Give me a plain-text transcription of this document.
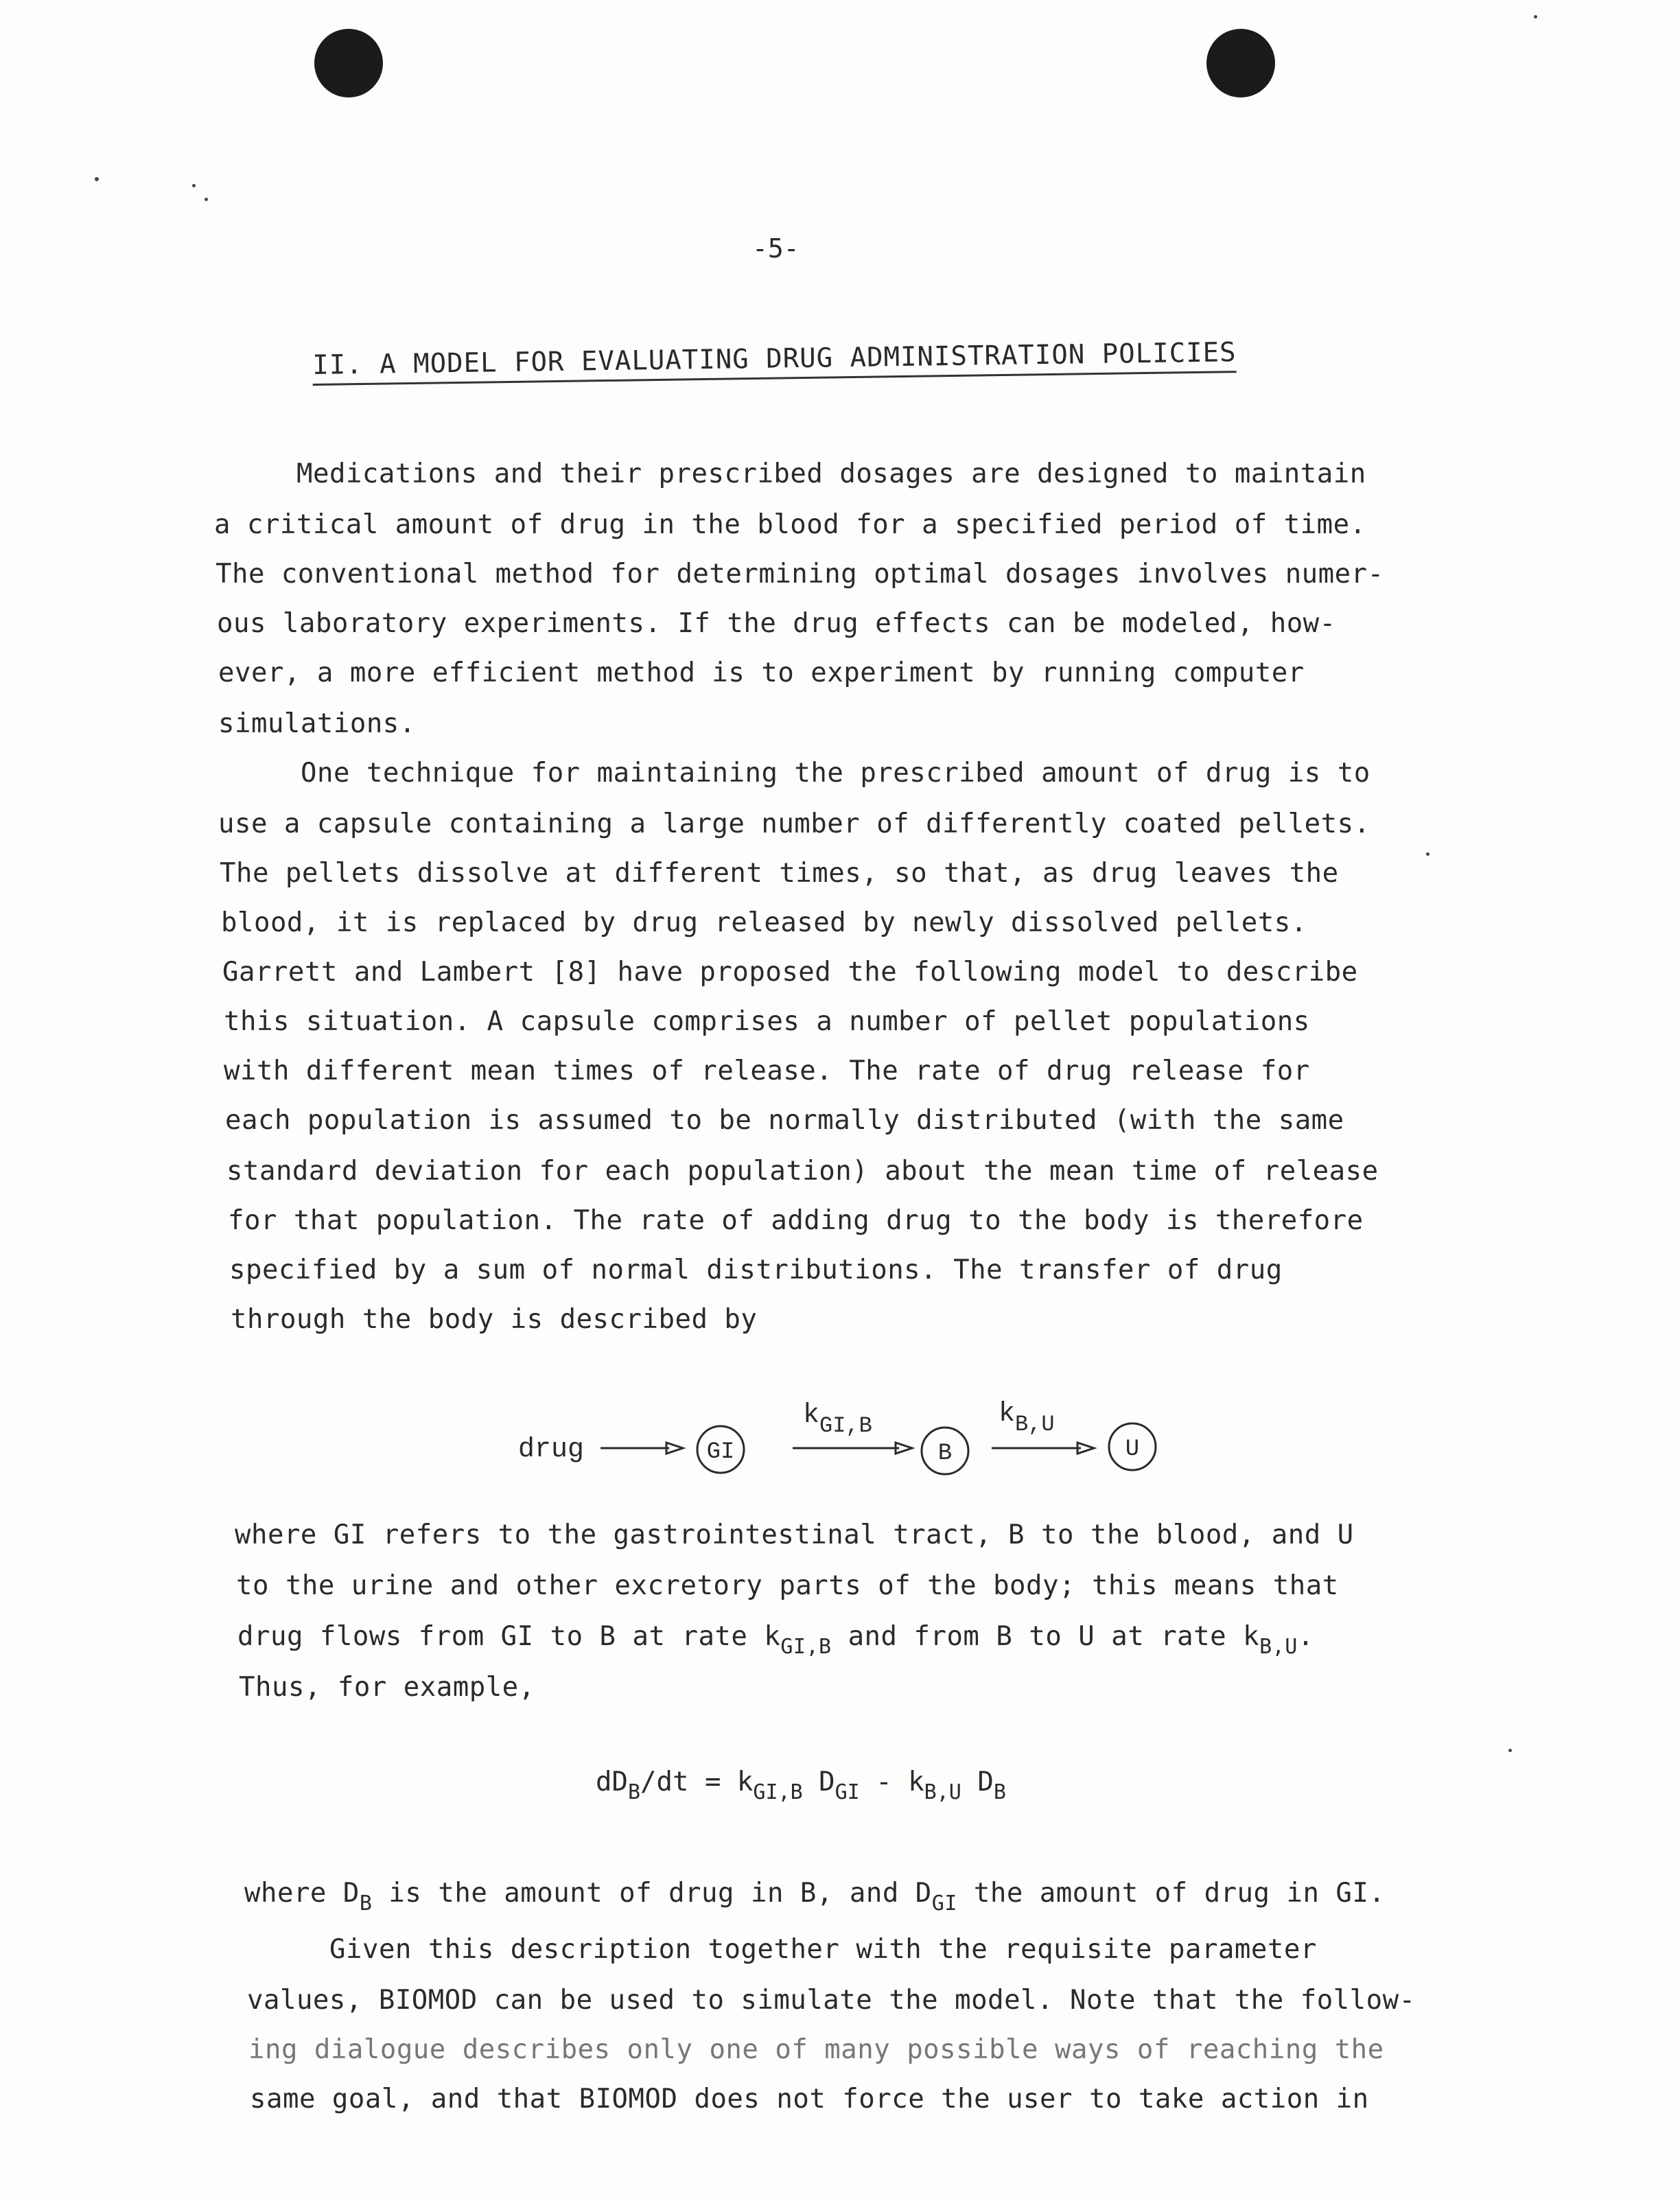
-5-
II. A MODEL FOR EVALUATING DRUG ADMINISTRATION POLICIES
Medications and their prescribed dosages are designed to maintain
a critical amount of drug in the blood for a specified period of time.
The conventional method for determining optimal dosages involves numer-
ous laboratory experiments. If the drug effects can be modeled, how-
ever, a more efficient method is to experiment by running computer
simulations.
One technique for maintaining the prescribed amount of drug is to
use a capsule containing a large number of differently coated pellets.
The pellets dissolve at different times, so that, as drug leaves the
blood, it is replaced by drug released by newly dissolved pellets.
Garrett and Lambert [8] have proposed the following model to describe
this situation. A capsule comprises a number of pellet populations
with different mean times of release. The rate of drug release for
each population is assumed to be normally distributed (with the same
standard deviation for each population) about the mean time of release
for that population. The rate of adding drug to the body is therefore
specified by a sum of normal distributions. The transfer of drug
through the body is described by
drug	GI
$k_{GI,B}$
B
$k_{B,U}$
U
where GI refers to the gastrointestinal tract, B to the blood, and U
to the urine and other excretory parts of the body; this means that
drug flows from GI to B at rate $k_{GI,B}$ and from B to U at rate $k_{B,U}$.
Thus, for example,
$dD_B/dt = k_{GI,B}$ $D_{GI} - k_{B,U}$ $D_B$
where $D_B$ is the amount of drug in B, and $D_{GI}$ the amount of drug in GI.
Given this description together with the requisite parameter
values, BIOMOD can be used to simulate the model. Note that the follow-
ing dialogue describes only one of many possible ways of reaching the
same goal, and that BIOMOD does not force the user to take action in
